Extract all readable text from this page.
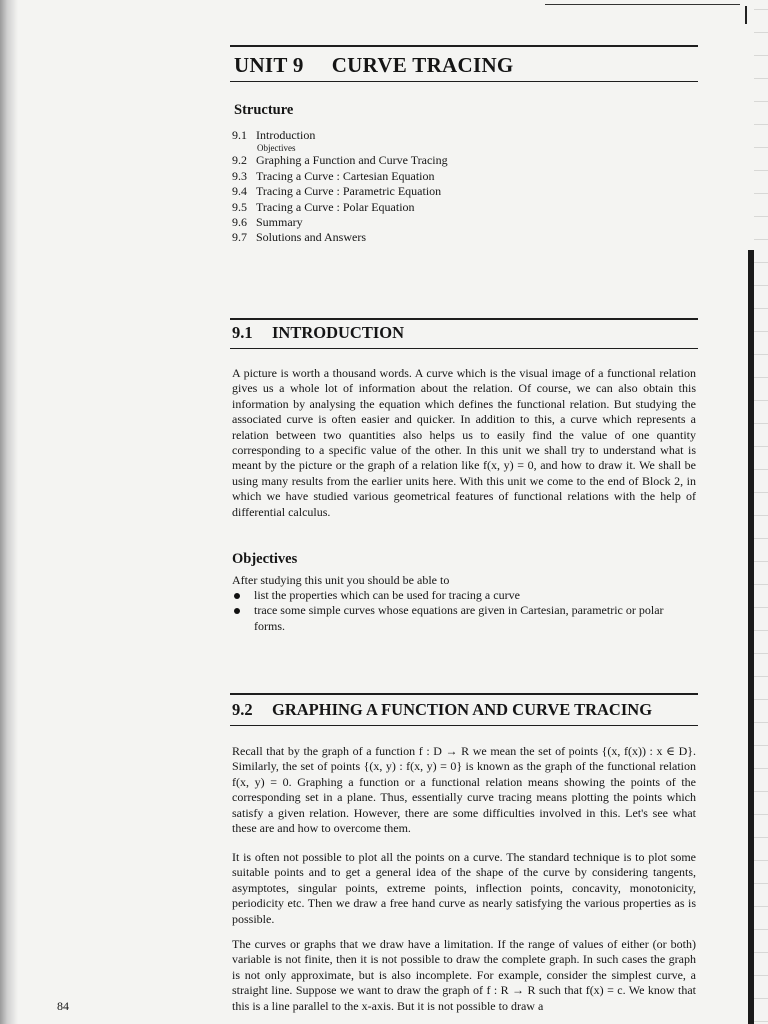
UNIT 9 CURVE TRACING
Structure
9.1 Introduction
Objectives
9.2 Graphing a Function and Curve Tracing
9.3 Tracing a Curve : Cartesian Equation
9.4 Tracing a Curve : Parametric Equation
9.5 Tracing a Curve : Polar Equation
9.6 Summary
9.7 Solutions and Answers
9.1 INTRODUCTION

A picture is worth a thousand words. A curve which is the visual image of a functional relation gives us a whole lot of information about the relation. Of course, we can also obtain this information by analysing the equation which defines the functional relation. But studying the associated curve is often easier and quicker. In addition to this, a curve which represents a relation between two quantities also helps us to easily find the value of one quantity corresponding to a specific value of the other. In this unit we shall try to understand what is meant by the picture or the graph of a relation like f(x, y) = 0, and how to draw it. We shall be using many results from the earlier units here. With this unit we come to the end of Block 2, in which we have studied various geometrical features of functional relations with the help of differential calculus.

Objectives

After studying this unit you should be able to

list the properties which can be used for tracing a curve
trace some simple curves whose equations are given in Cartesian, parametric or polar forms.
9.2 GRAPHING A FUNCTION AND CURVE TRACING

Recall that by the graph of a function f : D → R we mean the set of points {(x, f(x)) : x ∈ D}. Similarly, the set of points {(x, y) : f(x, y) = 0} is known as the graph of the functional relation f(x, y) = 0. Graphing a function or a functional relation means showing the points of the corresponding set in a plane. Thus, essentially curve tracing means plotting the points which satisfy a given relation. However, there are some difficulties involved in this. Let's see what these are and how to overcome them.

It is often not possible to plot all the points on a curve. The standard technique is to plot some suitable points and to get a general idea of the shape of the curve by considering tangents, asymptotes, singular points, extreme points, inflection points, concavity, monotonicity, periodicity etc. Then we draw a free hand curve as nearly satisfying the various properties as is possible.

The curves or graphs that we draw have a limitation. If the range of values of either (or both) variable is not finite, then it is not possible to draw the complete graph. In such cases the graph is not only approximate, but is also incomplete. For example, consider the simplest curve, a straight line. Suppose we want to draw the graph of f : R → R such that f(x) = c. We know that this is a line parallel to the x-axis. But it is not possible to draw a

84
